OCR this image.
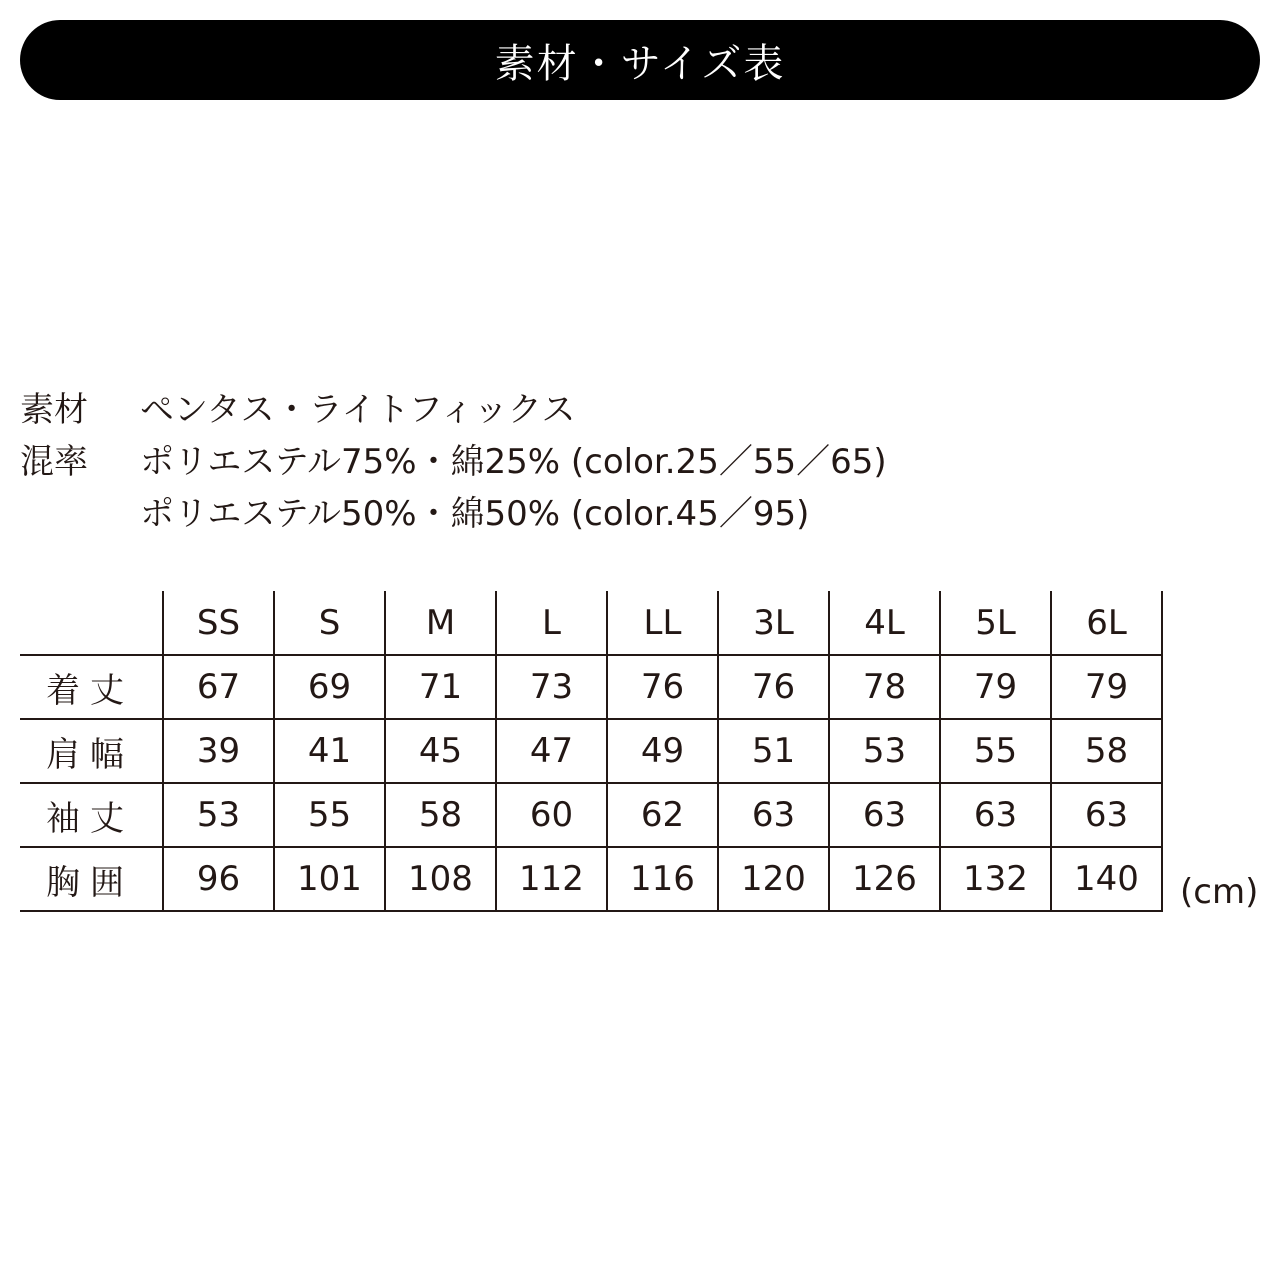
素材・サイズ表
素材	ペンタス・ライトフィックス
混率	ポリエステル75%・綿25% (color.25／55／65)
ポリエステル50%・綿50% (color.45／95)
	SS	S	M	L	LL	3L	4L	5L	6L
着丈	67	69	71	73	76	76	78	79	79
肩幅	39	41	45	47	49	51	53	55	58
袖丈	53	55	58	60	62	63	63	63	63
胸囲	96	101	108	112	116	120	126	132	140 (cm)
